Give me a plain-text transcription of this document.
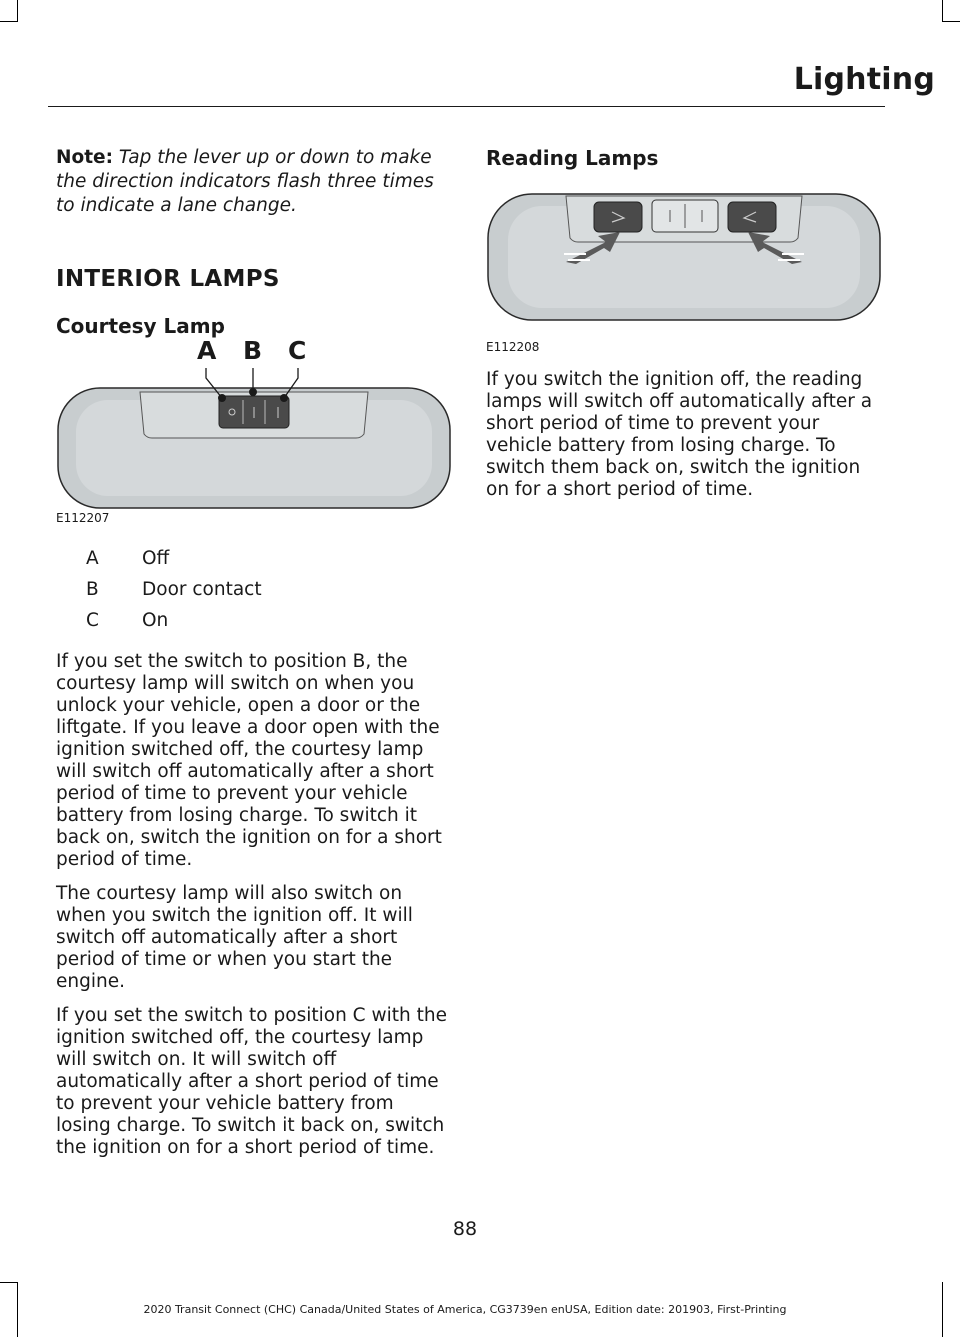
Lighting

Note: Tap the lever up or down to make the direction indicators flash three times to indicate a lane change.

INTERIOR LAMPS
Courtesy Lamp
A B C
E112207
A	Off
B	Door contact
C	On

If you set the switch to position B, the courtesy lamp will switch on when you unlock your vehicle, open a door or the liftgate. If you leave a door open with the ignition switched off, the courtesy lamp will switch off automatically after a short period of time to prevent your vehicle battery from losing charge. To switch it back on, switch the ignition on for a short period of time.

The courtesy lamp will also switch on when you switch the ignition off. It will switch off automatically after a short period of time or when you start the engine.

If you set the switch to position C with the ignition switched off, the courtesy lamp will switch on. It will switch off automatically after a short period of time to prevent your vehicle battery from losing charge. To switch it back on, switch the ignition on for a short period of time.

Reading Lamps
E112208

If you switch the ignition off, the reading lamps will switch off automatically after a short period of time to prevent your vehicle battery from losing charge. To switch them back on, switch the ignition on for a short period of time.

88
2020 Transit Connect (CHC) Canada/United States of America, CG3739en enUSA, Edition date: 201903, First-Printing
